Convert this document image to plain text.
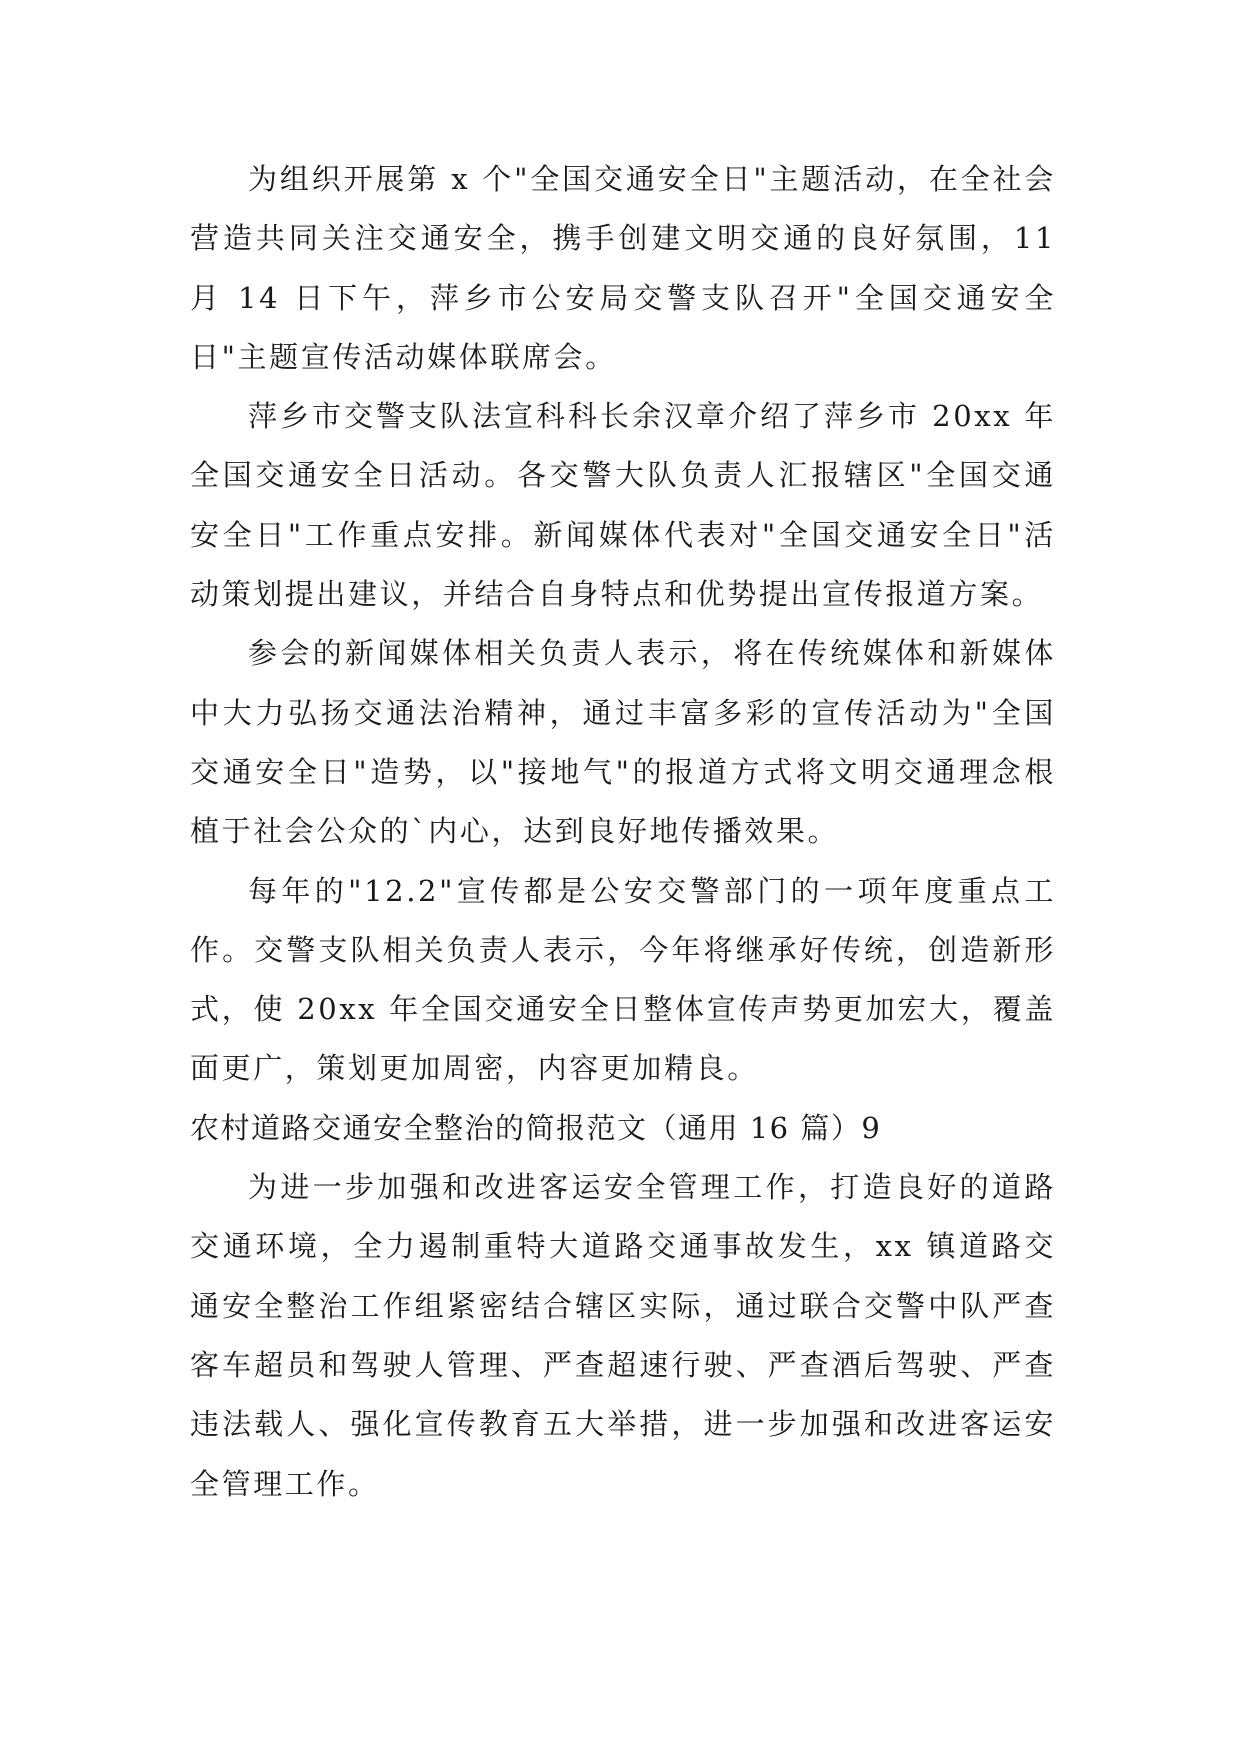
为组织开展第 x 个"全国交通安全日"主题活动，在全社会营造共同关注交通安全，携手创建文明交通的良好氛围，11 月 14 日下午，萍乡市公安局交警支队召开"全国交通安全日"主题宣传活动媒体联席会。

萍乡市交警支队法宣科科长余汉章介绍了萍乡市 20xx 年全国交通安全日活动。各交警大队负责人汇报辖区"全国交通安全日"工作重点安排。新闻媒体代表对"全国交通安全日"活动策划提出建议，并结合自身特点和优势提出宣传报道方案。

参会的新闻媒体相关负责人表示，将在传统媒体和新媒体中大力弘扬交通法治精神，通过丰富多彩的宣传活动为"全国交通安全日"造势，以"接地气"的报道方式将文明交通理念根植于社会公众的`内心，达到良好地传播效果。

每年的"12.2"宣传都是公安交警部门的一项年度重点工作。交警支队相关负责人表示，今年将继承好传统，创造新形式，使 20xx 年全国交通安全日整体宣传声势更加宏大，覆盖面更广，策划更加周密，内容更加精良。

农村道路交通安全整治的简报范文（通用 16 篇）9

为进一步加强和改进客运安全管理工作，打造良好的道路交通环境，全力遏制重特大道路交通事故发生，xx 镇道路交通安全整治工作组紧密结合辖区实际，通过联合交警中队严查客车超员和驾驶人管理、严查超速行驶、严查酒后驾驶、严查违法载人、强化宣传教育五大举措，进一步加强和改进客运安全管理工作。
